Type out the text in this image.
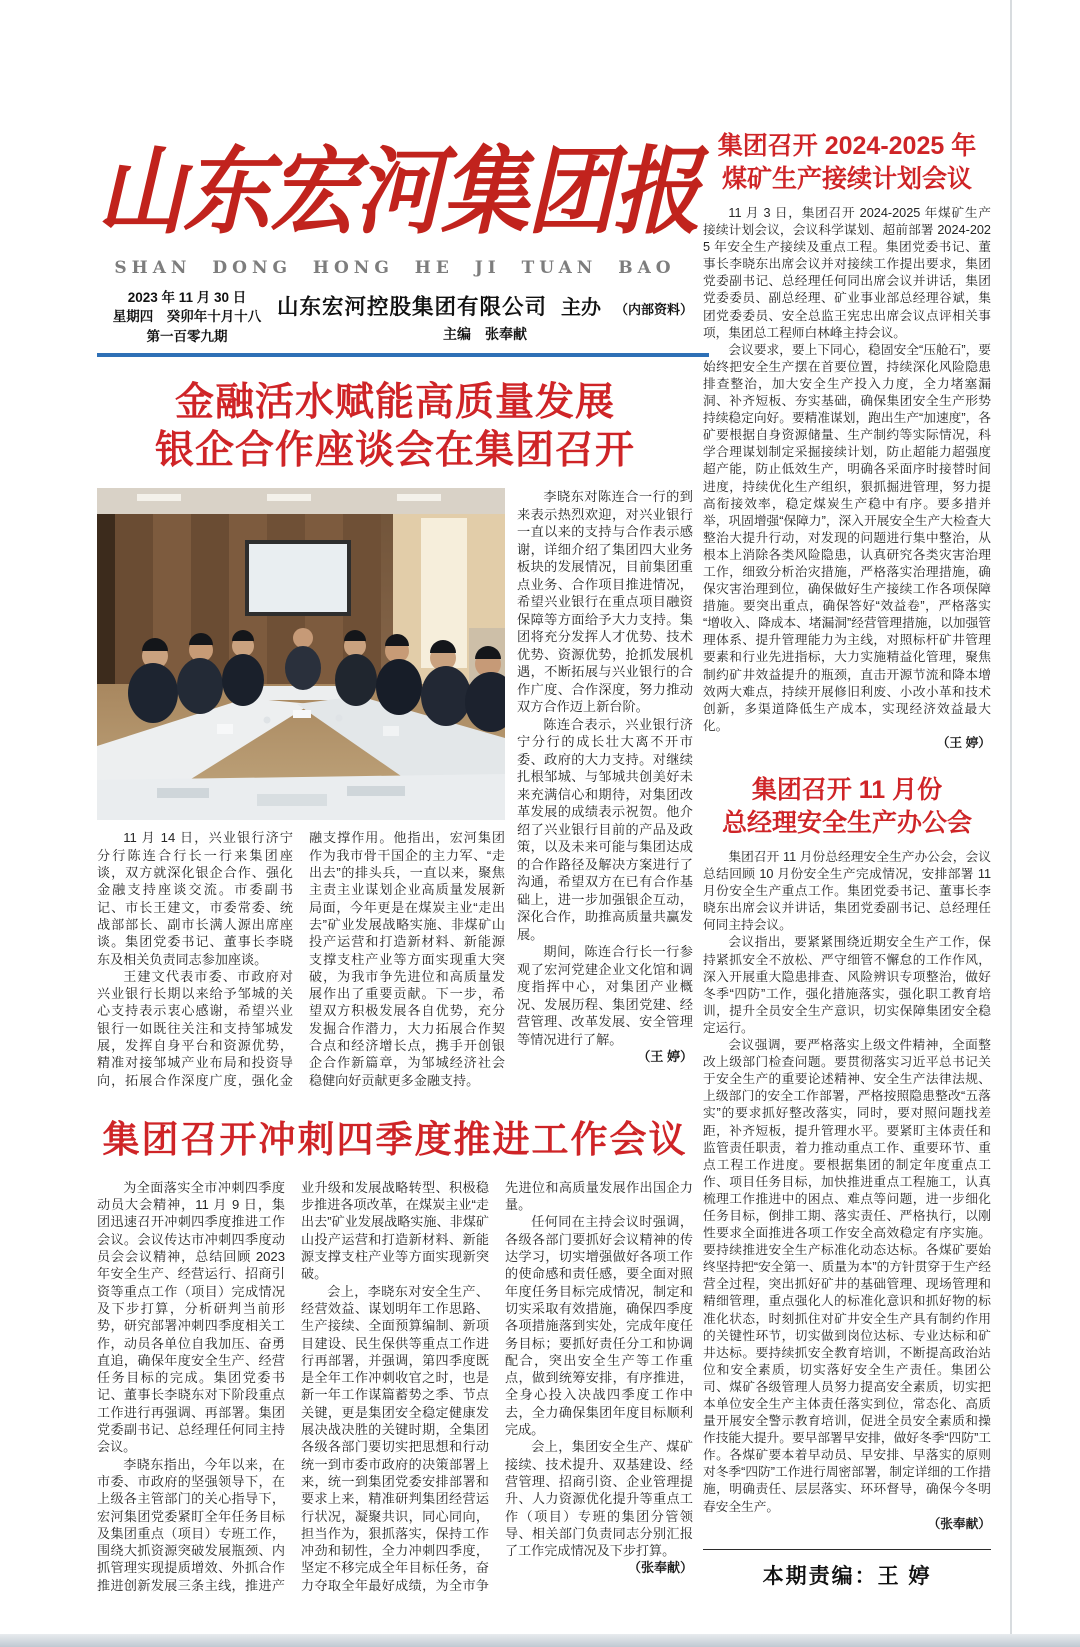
山东宏河集团报
SHAN DONG HONG HE JI TUAN BAO
2023 年 11 月 30 日
星期四　癸卯年十月十八
第一百零九期
山东宏河控股集团有限公司 主办 （内部资料）
主编　张奉献
金融活水赋能高质量发展
银企合作座谈会在集团召开

11 月 14 日，兴业银行济宁分行陈连合行长一行来集团座谈，双方就深化银企合作、强化金融支持座谈交流。市委副书记、市长王建文，市委常委、统战部部长、副市长满人源出席座谈。集团党委书记、董事长李晓东及相关负责同志参加座谈。

王建文代表市委、市政府对兴业银行长期以来给予邹城的关心支持表示衷心感谢，希望兴业银行一如既往关注和支持邹城发展，发挥自身平台和资源优势，精准对接邹城产业布局和投资导向，拓展合作深度广度，强化金融支撑作用。他指出，宏河集团作为我市骨干国企的主力军、“走出去”的排头兵，一直以来，聚焦主责主业谋划企业高质量发展新局面，今年更是在煤炭主业“走出去”矿业发展战略实施、非煤矿山投产运营和打造新材料、新能源支撑支柱产业等方面实现重大突破，为我市争先进位和高质量发展作出了重要贡献。下一步，希望双方积极发展各自优势，充分发掘合作潜力，大力拓展合作契合点和经济增长点，携手开创银企合作新篇章，为邹城经济社会稳健向好贡献更多金融支持。

李晓东对陈连合一行的到来表示热烈欢迎，对兴业银行一直以来的支持与合作表示感谢，详细介绍了集团四大业务板块的发展情况，目前集团重点业务、合作项目推进情况，希望兴业银行在重点项目融资保障等方面给予大力支持。集团将充分发挥人才优势、技术优势、资源优势，抢抓发展机遇，不断拓展与兴业银行的合作广度、合作深度，努力推动双方合作迈上新台阶。

陈连合表示，兴业银行济宁分行的成长壮大离不开市委、政府的大力支持。对继续扎根邹城、与邹城共创美好未来充满信心和期待，对集团改革发展的成绩表示祝贺。他介绍了兴业银行目前的产品及政策，以及未来可能与集团达成的合作路径及解决方案进行了沟通，希望双方在已有合作基础上，进一步加强银企互动，深化合作，助推高质量共赢发展。

期间，陈连合行长一行参观了宏河党建企业文化馆和调度指挥中心，对集团产业概况、发展历程、集团党建、经营管理、改革发展、安全管理等情况进行了解。

（王 婷）
集团召开冲刺四季度推进工作会议

为全面落实全市冲刺四季度动员大会精神，11 月 9 日，集团迅速召开冲刺四季度推进工作会议。会议传达市冲刺四季度动员会会议精神，总结回顾 2023 年安全生产、经营运行、招商引资等重点工作（项目）完成情况及下步打算，分析研判当前形势，研究部署冲刺四季度相关工作，动员各单位自我加压、奋勇直追，确保年度安全生产、经营任务目标的完成。集团党委书记、董事长李晓东对下阶段重点工作进行再强调、再部署。集团党委副书记、总经理任何同主持会议。

李晓东指出，今年以来，在市委、市政府的坚强领导下，在上级各主管部门的关心指导下，宏河集团党委紧盯全年任务目标及集团重点（项目）专班工作，围绕大抓资源突破发展瓶颈、内抓管理实现提质增效、外抓合作推进创新发展三条主线，推进产业升级和发展战略转型、积极稳步推进各项改革，在煤炭主业“走出去”矿业发展战略实施、非煤矿山投产运营和打造新材料、新能源支撑支柱产业等方面实现新突破。

会上，李晓东对安全生产、经营效益、谋划明年工作思路、生产接续、全面预算编制、新项目建设、民生保供等重点工作进行再部署，并强调，第四季度既是全年工作冲刺收官之时，也是新一年工作谋篇蓄势之季、节点关键，更是集团安全稳定健康发展决战决胜的关键时期，全集团各级各部门要切实把思想和行动统一到市委市政府的决策部署上来，统一到集团党委安排部署和要求上来，精准研判集团经营运行状况，凝聚共识，同心同向，担当作为，狠抓落实，保持工作冲劲和韧性，全力冲刺四季度，坚定不移完成全年目标任务，奋力夺取全年最好成绩，为全市争先进位和高质量发展作出国企力量。

任何同在主持会议时强调，各级各部门要抓好会议精神的传达学习，切实增强做好各项工作的使命感和责任感，要全面对照年度任务目标完成情况，制定和切实采取有效措施，确保四季度各项措施落到实处，完成年度任务目标；要抓好责任分工和协调配合，突出安全生产等工作重点，做到统筹安排，有序推进，全身心投入决战四季度工作中去，全力确保集团年度目标顺利完成。

会上，集团安全生产、煤矿接续、技术提升、双基建设、经营管理、招商引资、企业管理提升、人力资源优化提升等重点工作（项目）专班的集团分管领导、相关部门负责同志分别汇报了工作完成情况及下步打算。

（张奉献）
集团召开 2024-2025 年
煤矿生产接续计划会议

11 月 3 日，集团召开 2024-2025 年煤矿生产接续计划会议，会议科学谋划、超前部署 2024-2025 年安全生产接续及重点工程。集团党委书记、董事长李晓东出席会议并对接续工作提出要求，集团党委副书记、总经理任何同出席会议并讲话，集团党委委员、副总经理、矿业事业部总经理谷斌，集团党委委员、安全总监王宪忠出席会议点评相关事项，集团总工程师白林峰主持会议。

会议要求，要上下同心，稳固安全“压舱石”，要始终把安全生产摆在首要位置，持续深化风险隐患排查整治，加大安全生产投入力度，全力堵塞漏洞、补齐短板、夯实基础，确保集团安全生产形势持续稳定向好。要精准谋划，跑出生产“加速度”，各矿要根据自身资源储量、生产制约等实际情况，科学合理谋划制定采掘接续计划，防止超能力超强度超产能，防止低效生产，明确各采面序时接替时间进度，持续优化生产组织，狠抓掘进管理，努力提高衔接效率，稳定煤炭生产稳中有序。要多措并举，巩固增强“保障力”，深入开展安全生产大检查大整治大提升行动，对发现的问题进行集中整治，从根本上消除各类风险隐患，认真研究各类灾害治理工作，细致分析治灾措施，严格落实治理措施，确保灾害治理到位，确保做好生产接续工作各项保障措施。要突出重点，确保答好“效益卷”，严格落实“增收入、降成本、堵漏洞”经营管理措施，以加强管理体系、提升管理能力为主线，对照标杆矿井管理要素和行业先进指标，大力实施精益化管理，聚焦制约矿井效益提升的瓶颈，直击开源节流和降本增效两大难点，持续开展修旧利废、小改小革和技术创新，多渠道降低生产成本，实现经济效益最大化。

（王 婷）
集团召开 11 月份
总经理安全生产办公会

集团召开 11 月份总经理安全生产办公会，会议总结回顾 10 月份安全生产完成情况，安排部署 11 月份安全生产重点工作。集团党委书记、董事长李晓东出席会议并讲话，集团党委副书记、总经理任何同主持会议。

会议指出，要紧紧围绕近期安全生产工作，保持紧抓安全不放松、严守细管不懈怠的工作作风，深入开展重大隐患排查、风险辨识专项整治，做好冬季“四防”工作，强化措施落实，强化职工教育培训，提升全员安全生产意识，切实保障集团安全稳定运行。

会议强调，要严格落实上级文件精神，全面整改上级部门检查问题。要贯彻落实习近平总书记关于安全生产的重要论述精神、安全生产法律法规、上级部门的安全工作部署，严格按照隐患整改“五落实”的要求抓好整改落实，同时，要对照问题找差距，补齐短板，提升管理水平。要紧盯主体责任和监管责任职责，着力推动重点工作、重要环节、重点工程工作进度。要根据集团的制定年度重点工作、项目任务目标，加快推进重点工程施工，认真梳理工作推进中的困点、难点等问题，进一步细化任务目标，倒排工期、落实责任、严格执行，以刚性要求全面推进各项工作安全高效稳定有序实施。要持续推进安全生产标准化动态达标。各煤矿要始终坚持把“安全第一、质量为本”的方针贯穿于生产经营全过程，突出抓好矿井的基础管理、现场管理和精细管理，重点强化人的标准化意识和抓好物的标准化状态，时刻抓住对矿井安全生产具有制约作用的关键性环节，切实做到岗位达标、专业达标和矿井达标。要持续抓安全教育培训，不断提高政治站位和安全素质，切实落好安全生产责任。集团公司、煤矿各级管理人员努力提高安全素质，切实把本单位安全生产主体责任落实到位，常态化、高质量开展安全警示教育培训，促进全员安全素质和操作技能大提升。要早部署早安排，做好冬季“四防”工作。各煤矿要本着早动员、早安排、早落实的原则对冬季“四防”工作进行周密部署，制定详细的工作措施，明确责任、层层落实、环环督导，确保今冬明春安全生产。

（张奉献）
本期责编：王 婷
